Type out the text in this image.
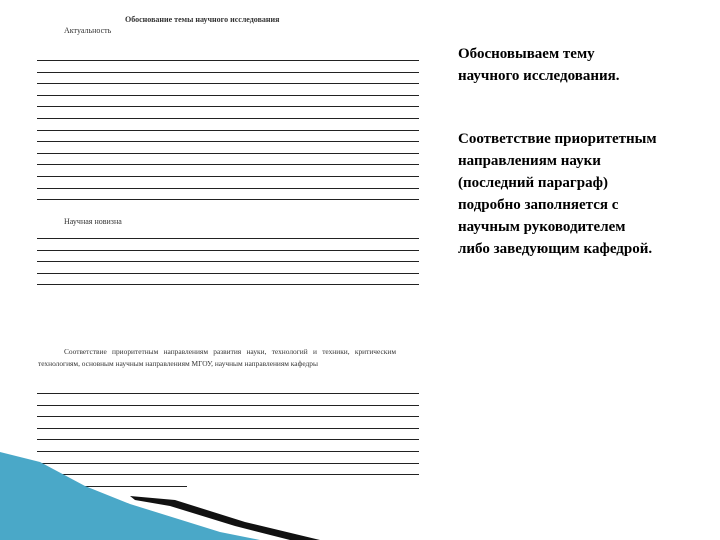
Обоснование темы научного исследования
Актуальность
Научная новизна
Соответствие приоритетным направлениям развития науки, технологий и техники, критическим технологиям, основным научным направлениям МГОУ, научным направлениям кафедры
Обосновываем тему научного исследования.
Соответствие приоритетным направлениям науки (последний параграф) подробно заполняется с научным руководителем либо заведующим кафедрой.
